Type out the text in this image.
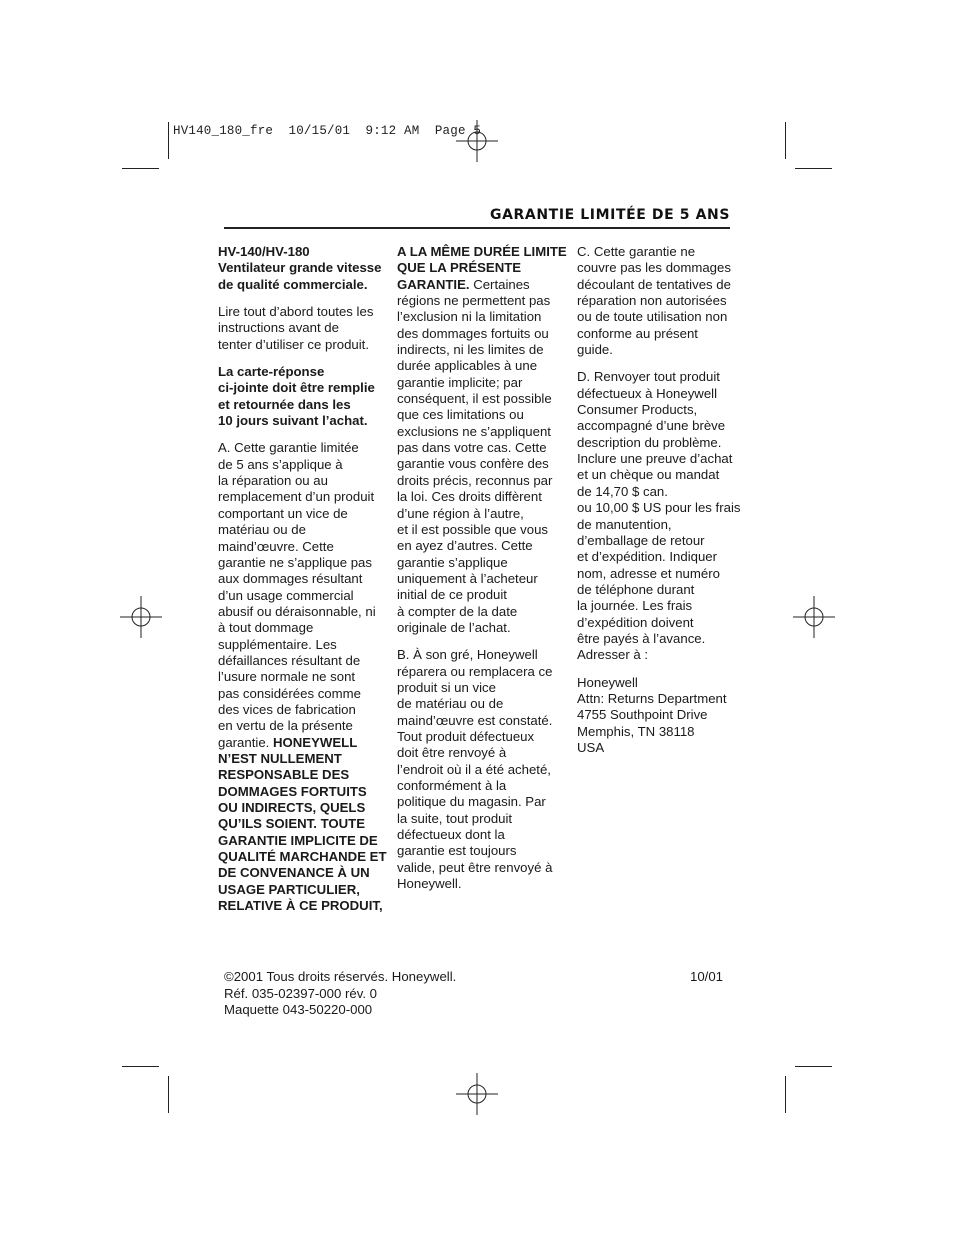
HV140_180_fre  10/15/01  9:12 AM  Page 5
GARANTIE LIMITÉE DE 5 ANS

HV-140/HV-180
Ventilateur grande vitesse
de qualité commerciale.

Lire tout d’abord toutes les
instructions avant de
tenter d’utiliser ce produit.

La carte-réponse
ci-jointe doit être remplie
et retournée dans les
10 jours suivant l’achat.

A. Cette garantie limitée
de 5 ans s’applique à
la réparation ou au
remplacement d’un produit
comportant un vice de
matériau ou de
maind’œuvre. Cette
garantie ne s’applique pas
aux dommages résultant
d’un usage commercial
abusif ou déraisonnable, ni
à tout dommage
supplémentaire. Les
défaillances résultant de
l’usure normale ne sont
pas considérées comme
des vices de fabrication
en vertu de la présente
garantie. HONEYWELL
N’EST NULLEMENT
RESPONSABLE DES
DOMMAGES FORTUITS
OU INDIRECTS, QUELS
QU’ILS SOIENT. TOUTE
GARANTIE IMPLICITE DE
QUALITÉ MARCHANDE ET
DE CONVENANCE À UN
USAGE PARTICULIER,
RELATIVE À CE PRODUIT,

A LA MÊME DURÉE LIMITE
QUE LA PRÉSENTE
GARANTIE. Certaines
régions ne permettent pas
l’exclusion ni la limitation
des dommages fortuits ou
indirects, ni les limites de
durée applicables à une
garantie implicite; par
conséquent, il est possible
que ces limitations ou
exclusions ne s’appliquent
pas dans votre cas. Cette
garantie vous confère des
droits précis, reconnus par
la loi. Ces droits diffèrent
d’une région à l’autre,
et il est possible que vous
en ayez d’autres. Cette
garantie s’applique
uniquement à l’acheteur
initial de ce produit
à compter de la date
originale de l’achat.

B. À son gré, Honeywell
réparera ou remplacera ce
produit si un vice
de matériau ou de
maind’œuvre est constaté.
Tout produit défectueux
doit être renvoyé à
l’endroit où il a été acheté,
conformément à la
politique du magasin. Par
la suite, tout produit
défectueux dont la
garantie est toujours
valide, peut être renvoyé à
Honeywell.

C. Cette garantie ne
couvre pas les dommages
découlant de tentatives de
réparation non autorisées
ou de toute utilisation non
conforme au présent
guide.

D. Renvoyer tout produit
défectueux à Honeywell
Consumer Products,
accompagné d’une brève
description du problème.
Inclure une preuve d’achat
et un chèque ou mandat
de 14,70 $ can.
ou 10,00 $ US pour les frais
de manutention,
d’emballage de retour
et d’expédition. Indiquer
nom, adresse et numéro
de téléphone durant
la journée. Les frais
d’expédition doivent
être payés à l’avance.
Adresser à :

Honeywell
Attn: Returns Department
4755 Southpoint Drive
Memphis, TN 38118
USA

©2001 Tous droits réservés. Honeywell.
Réf. 035-02397-000 rév. 0
Maquette 043-50220-000
10/01
